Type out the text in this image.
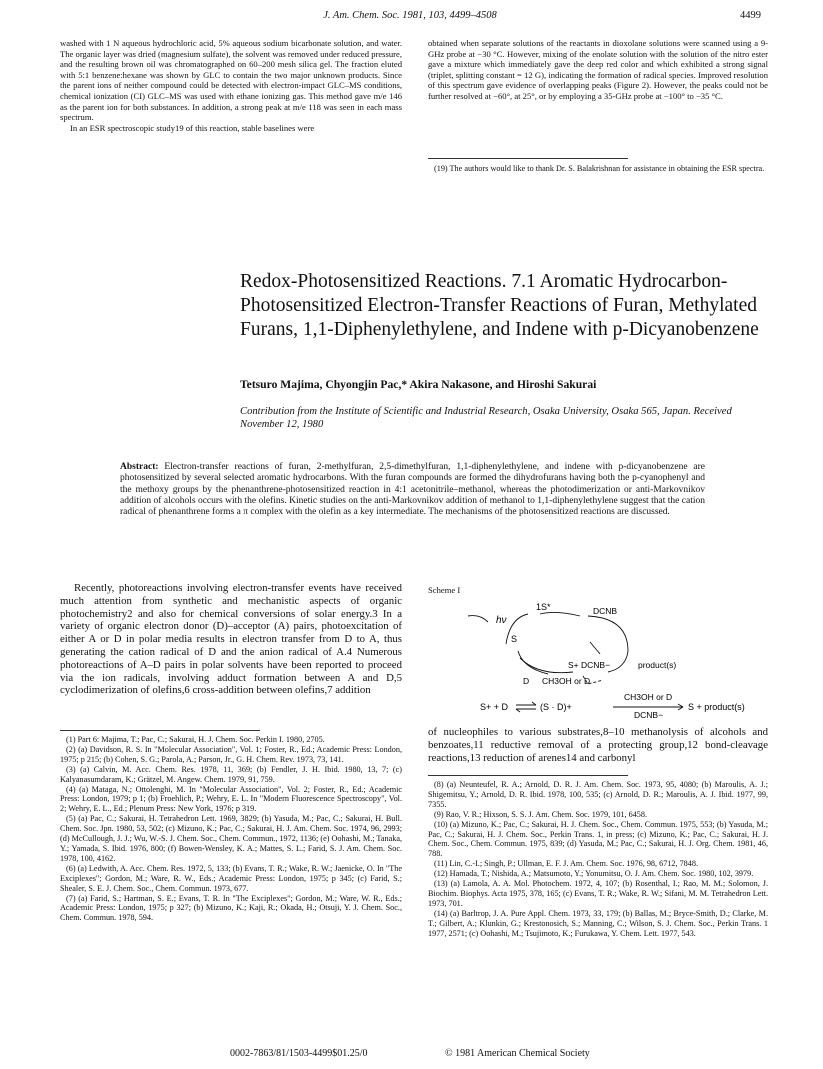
J. Am. Chem. Soc. 1981, 103, 4499–4508	4499

washed with 1 N aqueous hydrochloric acid, 5% aqueous sodium bicarbonate solution, and water. The organic layer was dried (magnesium sulfate), the solvent was removed under reduced pressure, and the resulting brown oil was chromatographed on 60–200 mesh silica gel. The fraction eluted with 5:1 benzene:hexane was shown by GLC to contain the two major unknown products. Since the parent ions of neither compound could be detected with electron-impact GLC–MS conditions, chemical ionization (CI) GLC–MS was used with ethane ionizing gas. This method gave m/e 146 as the parent ion for both substances. In addition, a strong peak at m/e 118 was seen in each mass spectrum.

In an ESR spectroscopic study19 of this reaction, stable baselines were

obtained when separate solutions of the reactants in dioxolane solutions were scanned using a 9-GHz probe at −30 °C. However, mixing of the enolate solution with the solution of the nitro ester gave a mixture which immediately gave the deep red color and which exhibited a strong signal (triplet, splitting constant = 12 G), indicating the formation of radical species. Improved resolution of this spectrum gave evidence of overlapping peaks (Figure 2). However, the peaks could not be further resolved at −60°, at 25°, or by employing a 35-GHz probe at −100° to −35 °C.

(19) The authors would like to thank Dr. S. Balakrishnan for assistance in obtaining the ESR spectra.

Redox-Photosensitized Reactions. 7.1 Aromatic Hydrocarbon-Photosensitized Electron-Transfer Reactions of Furan, Methylated Furans, 1,1-Diphenylethylene, and Indene with p-Dicyanobenzene
Tetsuro Majima, Chyongjin Pac,* Akira Nakasone, and Hiroshi Sakurai
Contribution from the Institute of Scientific and Industrial Research, Osaka University, Osaka 565, Japan. Received November 12, 1980
Abstract: Electron-transfer reactions of furan, 2-methylfuran, 2,5-dimethylfuran, 1,1-diphenylethylene, and indene with p-dicyanobenzene are photosensitized by several selected aromatic hydrocarbons. With the furan compounds are formed the dihydrofurans having both the p-cyanophenyl and the methoxy groups by the phenanthrene-photosensitized reaction in 4:1 acetonitrile–methanol, whereas the photodimerization or anti-Markovnikov addition of alcohols occurs with the olefins. Kinetic studies on the anti-Markovnikov addition of methanol to 1,1-diphenylethylene suggest that the cation radical of phenanthrene forms a π complex with the olefin as a key intermediate. The mechanisms of the photosensitized reactions are discussed.

Recently, photoreactions involving electron-transfer events have received much attention from synthetic and mechanistic aspects of organic photochemistry2 and also for chemical conversions of solar energy.3 In a variety of organic electron donor (D)–acceptor (A) pairs, photoexcitation of either A or D in polar media results in electron transfer from D to A, thus generating the cation radical of D and the anion radical of A.4 Numerous photoreactions of A–D pairs in polar solvents have been reported to proceed via the ion radicals, involving adduct formation between A and D,5 cyclodimerization of olefins,6 cross-addition between olefins,7 addition

Scheme I
hν
1S*	DCNB
S
S+ DCNB−	product(s)
D CH3OH or D
S+ + D	(S · D)+
CH3OH or D
DCNB−
S + product(s)

of nucleophiles to various substrates,8–10 methanolysis of alcohols and benzoates,11 reductive removal of a protecting group,12 bond-cleavage reactions,13 reduction of arenes14 and carbonyl

(1) Part 6: Majima, T.; Pac, C.; Sakurai, H. J. Chem. Soc. Perkin I. 1980, 2705.

(2) (a) Davidson, R. S. In "Molecular Association", Vol. 1; Foster, R., Ed.; Academic Press: London, 1975; p 215; (b) Cohen, S. G.; Parola, A.; Parson, Jr., G. H. Chem. Rev. 1973, 73, 141.

(3) (a) Calvin, M. Acc. Chem. Res. 1978, 11, 369; (b) Fendler, J. H. Ibid. 1980, 13, 7; (c) Kalyanasumdaram, K.; Grätzel, M. Angew. Chem. 1979, 91, 759.

(4) (a) Mataga, N.; Ottolenghi, M. In "Molecular Association", Vol. 2; Foster, R., Ed.; Academic Press: London, 1979; p 1; (b) Froehlich, P.; Wehry, E. L. In "Modern Fluorescence Spectroscopy", Vol. 2; Wehry, E. L., Ed.; Plenum Press: New York, 1976; p 319.

(5) (a) Pac, C.; Sakurai, H. Tetrahedron Lett. 1969, 3829; (b) Yasuda, M.; Pac, C.; Sakurai, H. Bull. Chem. Soc. Jpn. 1980, 53, 502; (c) Mizuno, K.; Pac, C.; Sakurai, H. J. Am. Chem. Soc. 1974, 96, 2993; (d) McCullough, J. J.; Wu, W.-S. J. Chem. Soc., Chem. Commun., 1972, 1136; (e) Oohashi, M.; Tanaka, Y.; Yamada, S. Ibid. 1976, 800; (f) Bowen-Wensley, K. A.; Mattes, S. L.; Farid, S. J. Am. Chem. Soc. 1978, 100, 4162.

(6) (a) Ledwith, A. Acc. Chem. Res. 1972, 5, 133; (b) Evans, T. R.; Wake, R. W.; Jaenicke, O. In "The Exciplexes"; Gordon, M.; Ware, R. W., Eds.; Academic Press: London, 1975; p 345; (c) Farid, S.; Shealer, S. E. J. Chem. Soc., Chem. Commun. 1973, 677.

(7) (a) Farid, S.; Hartman, S. E.; Evans, T. R. In "The Exciplexes"; Gordon, M.; Ware, W. R., Eds.; Academic Press: London, 1975; p 327; (b) Mizuno, K.; Kaji, R.; Okada, H.; Otsuji, Y. J. Chem. Soc., Chem. Commun. 1978, 594.

(8) (a) Neunteufel, R. A.; Arnold, D. R. J. Am. Chem. Soc. 1973, 95, 4080; (b) Maroulis, A. J.; Shigemitsu, Y.; Arnold, D. R. Ibid. 1978, 100, 535; (c) Arnold, D. R.; Maroulis, A. J. Ibid. 1977, 99, 7355.

(9) Rao, V. R.; Hixson, S. S. J. Am. Chem. Soc. 1979, 101, 6458.

(10) (a) Mizuno, K.; Pac, C.; Sakurai, H. J. Chem. Soc., Chem. Commun. 1975, 553; (b) Yasuda, M.; Pac, C.; Sakurai, H. J. Chem. Soc., Perkin Trans. 1, in press; (c) Mizuno, K.; Pac, C.; Sakurai, H. J. Chem. Soc., Chem. Commun. 1975, 839; (d) Yasuda, M.; Pac, C.; Sakurai, H. J. Org. Chem. 1981, 46, 788.

(11) Lin, C.-I.; Singh, P.; Ullman, E. F. J. Am. Chem. Soc. 1976, 98, 6712, 7848.

(12) Hamada, T.; Nishida, A.; Matsumoto, Y.; Yonumitsu, O. J. Am. Chem. Soc. 1980, 102, 3979.

(13) (a) Lamola, A. A. Mol. Photochem. 1972, 4, 107; (b) Rosenthal, I.; Rao, M. M.; Solomon, J. Biochim. Biophys. Acta 1975, 378, 165; (c) Evans, T. R.; Wake, R. W.; Sifani, M. M. Tetrahedron Lett. 1973, 701.

(14) (a) Barltrop, J. A. Pure Appl. Chem. 1973, 33, 179; (b) Ballas, M.; Bryce-Smith, D.; Clarke, M. T.; Gilbert, A.; Klunkin, G.; Krestonosich, S.; Manning, C.; Wilson, S. J. Chem. Soc., Perkin Trans. 1 1977, 2571; (c) Oohashi, M.; Tsujimoto, K.; Furukawa, Y. Chem. Lett. 1977, 543.

0002-7863/81/1503-4499$01.25/0	© 1981 American Chemical Society
